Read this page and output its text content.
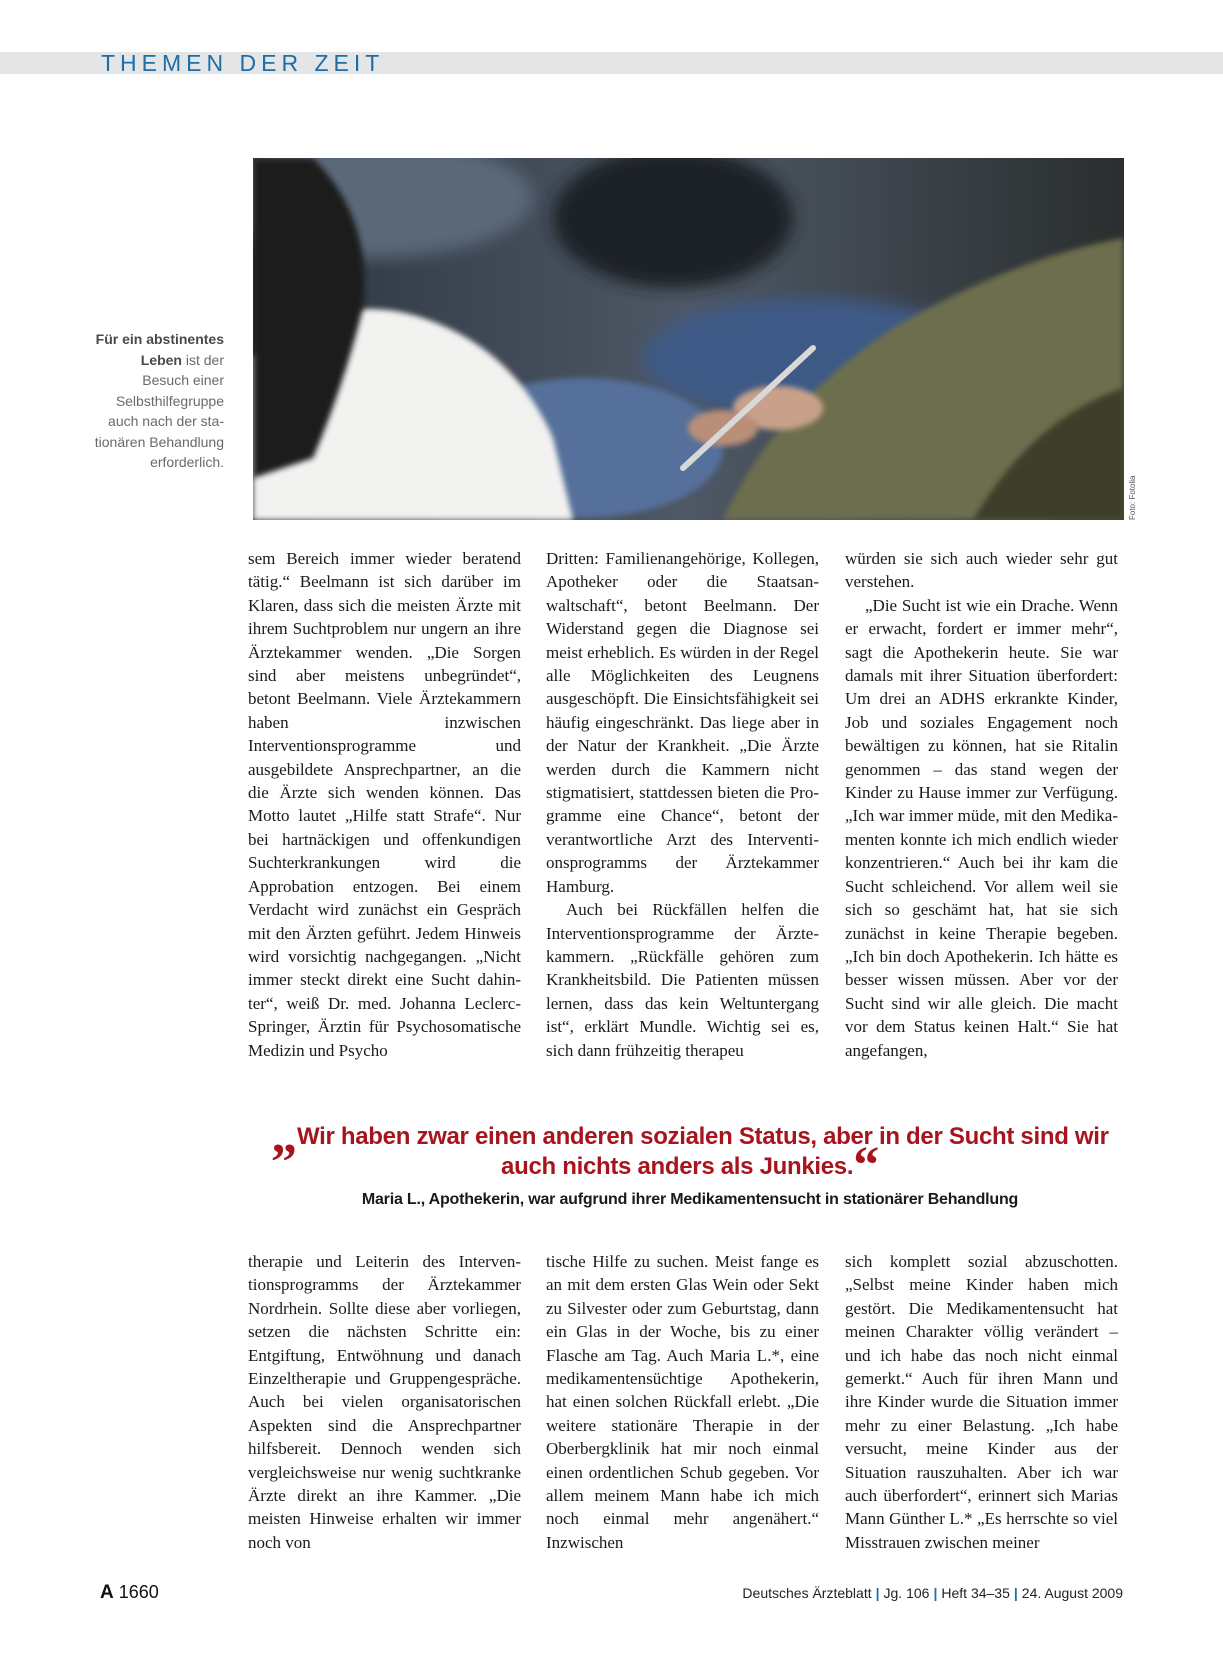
THEMEN DER ZEIT
Für ein abstinentes Leben ist der Besuch einer Selbsthilfegruppe auch nach der stationären Behandlung erforderlich.
Foto: Fotolia

sem Bereich immer wieder beratend tätig.“ Beelmann ist sich darüber im Klaren, dass sich die meisten Ärzte mit ihrem Suchtproblem nur ungern an ihre Ärztekammer wenden. „Die Sorgen sind aber meistens unbegründet“, betont Beelmann. Viele Ärztekammern haben inzwischen Interventionsprogramme und ausgebildete Ansprechpartner, an die die Ärzte sich wenden können. Das Motto lautet „Hilfe statt Strafe“. Nur bei hartnäckigen und offenkundigen Suchterkrankungen wird die Approbation entzogen. Bei einem Verdacht wird zunächst ein Gespräch mit den Ärzten geführt. Jedem Hinweis wird vorsichtig nachgegangen. „Nicht immer steckt direkt eine Sucht dahinter“, weiß Dr. med. Johanna Leclerc-Springer, Ärztin für Psychosomatische Medizin und Psycho

Dritten: Familienangehörige, Kollegen, Apotheker oder die Staatsanwaltschaft“, betont Beelmann. Der Widerstand gegen die Diagnose sei meist erheblich. Es würden in der Regel alle Möglichkeiten des Leugnens ausgeschöpft. Die Einsichtsfähigkeit sei häufig eingeschränkt. Das liege aber in der Natur der Krankheit. „Die Ärzte werden durch die Kammern nicht stigmatisiert, stattdessen bieten die Programme eine Chance“, betont der verantwortliche Arzt des Interventionsprogramms der Ärztekammer Hamburg.

Auch bei Rückfällen helfen die Interventionsprogramme der Ärztekammern. „Rückfälle gehören zum Krankheitsbild. Die Patienten müssen lernen, dass das kein Weltuntergang ist“, erklärt Mundle. Wichtig sei es, sich dann frühzeitig therapeu

würden sie sich auch wieder sehr gut verstehen.

„Die Sucht ist wie ein Drache. Wenn er erwacht, fordert er immer mehr“, sagt die Apothekerin heute. Sie war damals mit ihrer Situation überfordert: Um drei an ADHS erkrankte Kinder, Job und soziales Engagement noch bewältigen zu können, hat sie Ritalin genommen – das stand wegen der Kinder zu Hause immer zur Verfügung. „Ich war immer müde, mit den Medikamenten konnte ich mich endlich wieder konzentrieren.“ Auch bei ihr kam die Sucht schleichend. Vor allem weil sie sich so geschämt hat, hat sie sich zunächst in keine Therapie begeben. „Ich bin doch Apothekerin. Ich hätte es besser wissen müssen. Aber vor der Sucht sind wir alle gleich. Die macht vor dem Status keinen Halt.“ Sie hat angefangen,

„Wir haben zwar einen anderen sozialen Status, aber in der Sucht sind wir auch nichts anders als Junkies.“
Maria L., Apothekerin, war aufgrund ihrer Medikamentensucht in stationärer Behandlung

therapie und Leiterin des Interventionsprogramms der Ärztekammer Nordrhein. Sollte diese aber vorliegen, setzen die nächsten Schritte ein: Entgiftung, Entwöhnung und danach Einzeltherapie und Gruppengespräche. Auch bei vielen organisatorischen Aspekten sind die Ansprechpartner hilfsbereit. Dennoch wenden sich vergleichsweise nur wenig suchtkranke Ärzte direkt an ihre Kammer. „Die meisten Hinweise erhalten wir immer noch von

tische Hilfe zu suchen. Meist fange es an mit dem ersten Glas Wein oder Sekt zu Silvester oder zum Geburtstag, dann ein Glas in der Woche, bis zu einer Flasche am Tag. Auch Maria L.*, eine medikamentensüchtige Apothekerin, hat einen solchen Rückfall erlebt. „Die weitere stationäre Therapie in der Oberbergklinik hat mir noch einmal einen ordentlichen Schub gegeben. Vor allem meinem Mann habe ich mich noch einmal mehr angenähert.“ Inzwischen

sich komplett sozial abzuschotten. „Selbst meine Kinder haben mich gestört. Die Medikamentensucht hat meinen Charakter völlig verändert – und ich habe das noch nicht einmal gemerkt.“ Auch für ihren Mann und ihre Kinder wurde die Situation immer mehr zu einer Belastung. „Ich habe versucht, meine Kinder aus der Situation rauszuhalten. Aber ich war auch überfordert“, erinnert sich Marias Mann Günther L.* „Es herrschte so viel Misstrauen zwischen meiner

A 1660	Deutsches Ärzteblatt | Jg. 106 | Heft 34–35 | 24. August 2009
